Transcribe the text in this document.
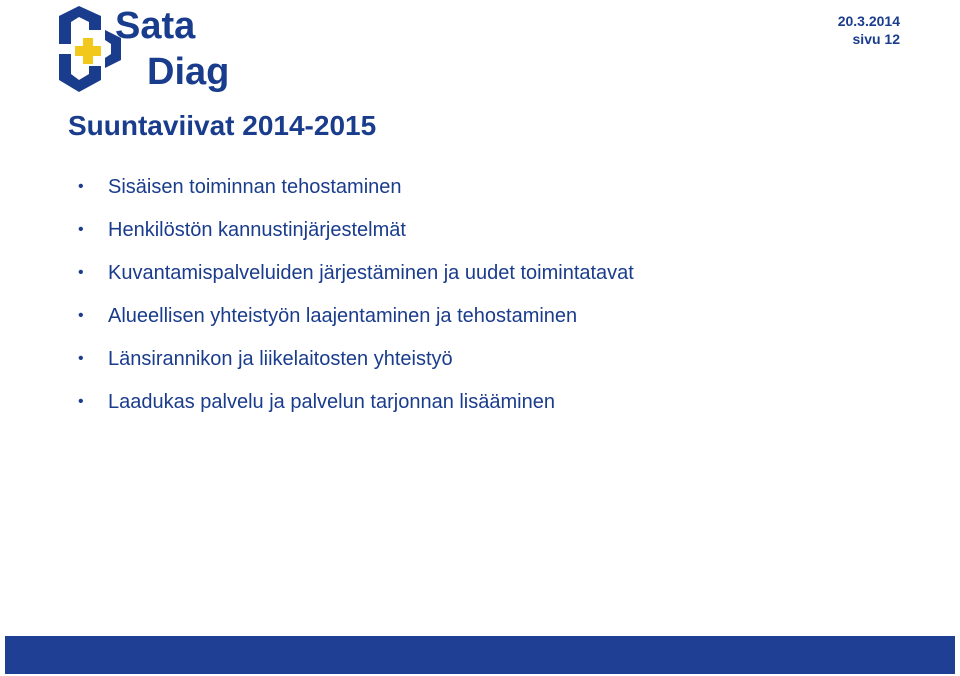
Sata
Diag
20.3.2014
sivu 12
Suuntaviivat 2014-2015
• Sisäisen toiminnan tehostaminen
• Henkilöstön kannustinjärjestelmät
• Kuvantamispalveluiden järjestäminen ja uudet toimintatavat
• Alueellisen yhteistyön laajentaminen ja tehostaminen
• Länsirannikon ja liikelaitosten yhteistyö
• Laadukas palvelu ja palvelun tarjonnan lisääminen
